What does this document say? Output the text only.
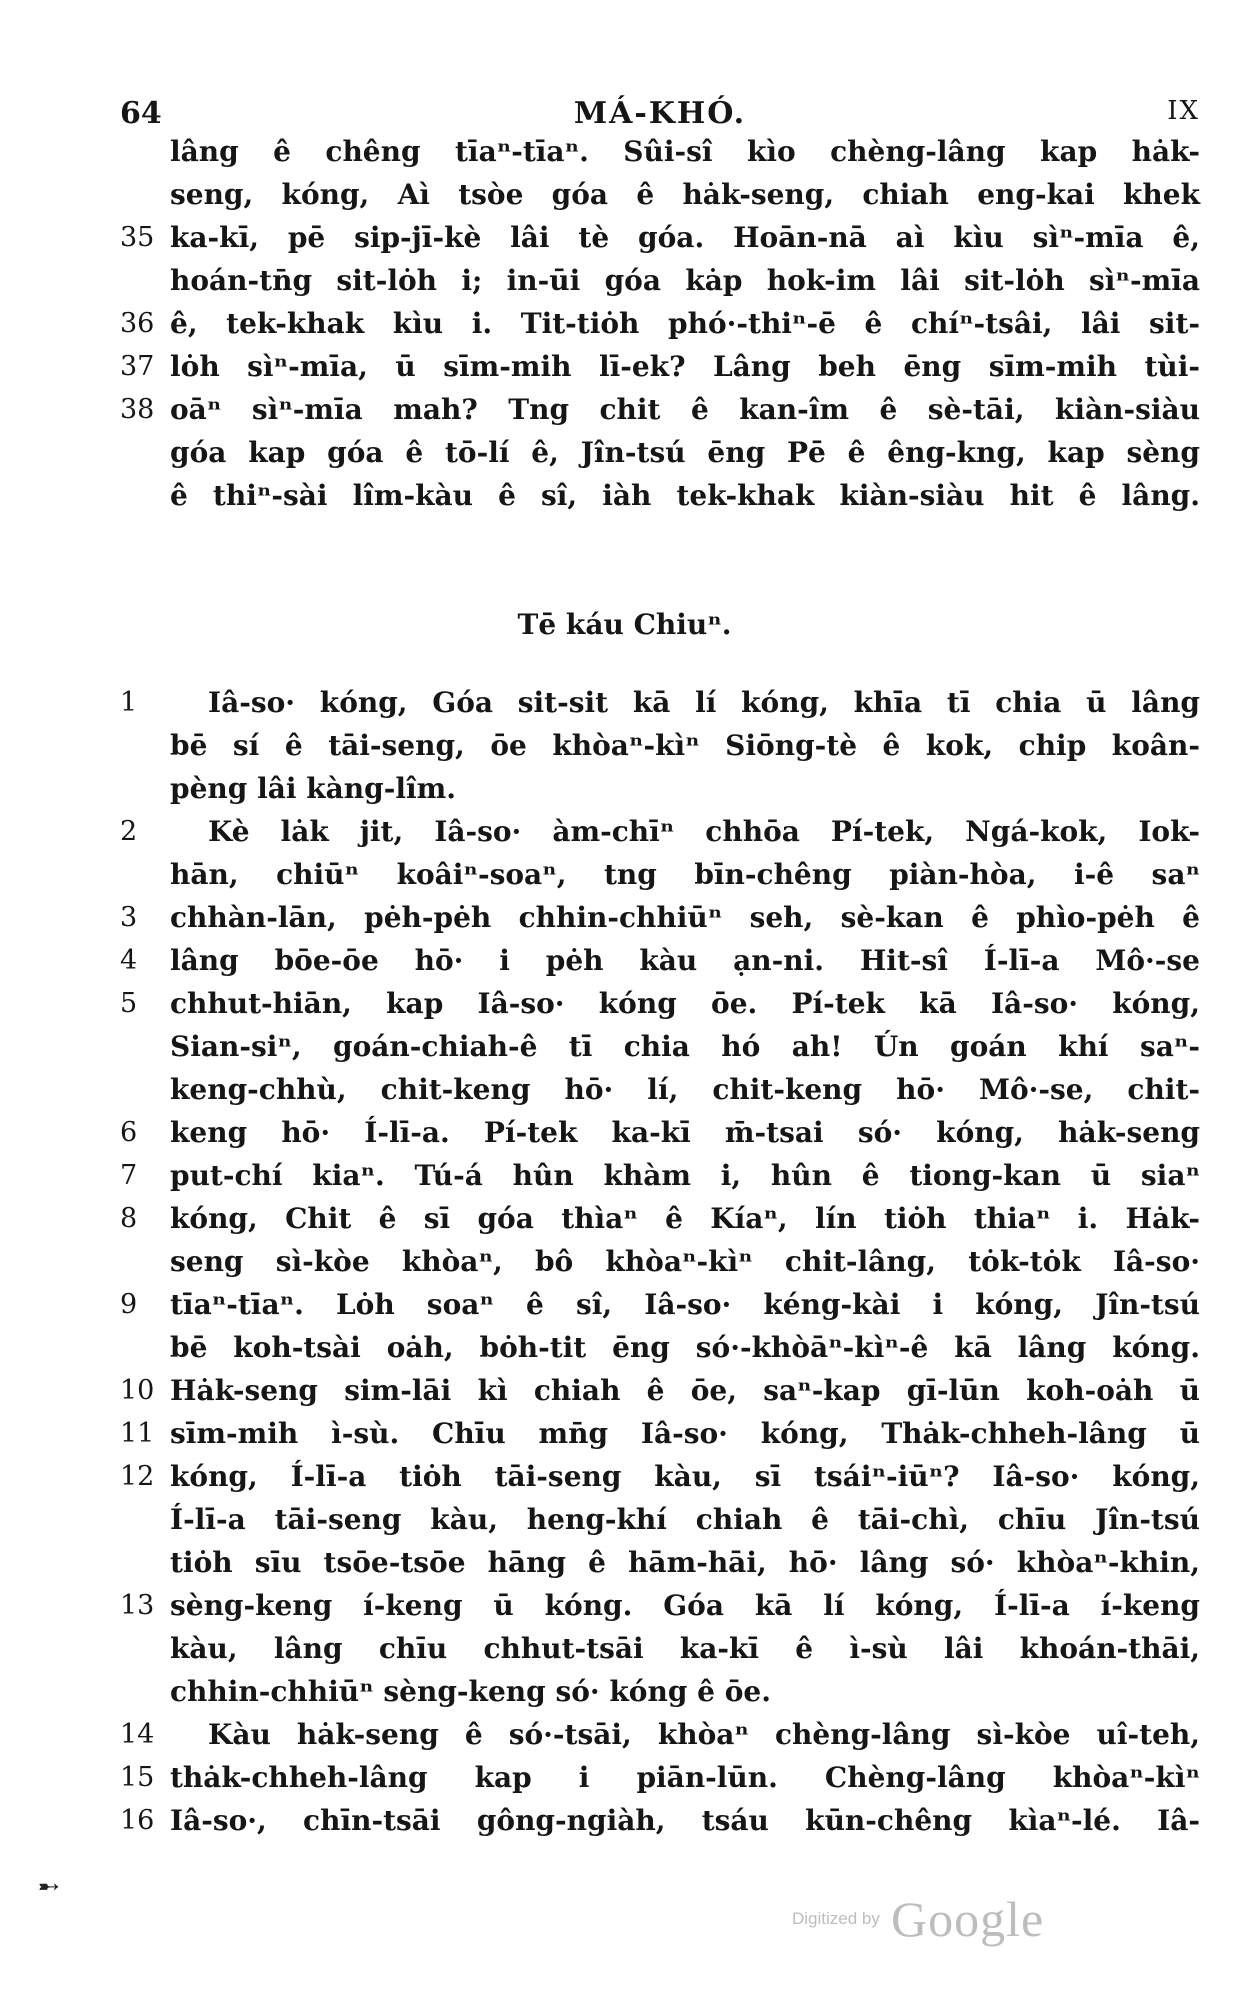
64	MÁ-KHÓ.	IX
lâng ê chêng tīaⁿ-tīaⁿ. Sûi-sî kìo chèng-lâng kap hȧk-
seng, kóng, Aì tsòe góa ê hȧk-seng, chiah eng-kai khek
35 ka-kī, pē sip-jī-kè lâi tè góa. Hoān-nā aì kìu sìⁿ-mīa ê,
hoán-tn̄g sit-lȯh i; in-ūi góa kȧp hok-im lâi sit-lȯh sìⁿ-mīa
36 ê, tek-khak kìu i. Tit-tiȯh phó·-thiⁿ-ē ê chíⁿ-tsâi, lâi sit-
37 lȯh sìⁿ-mīa, ū sīm-mih lī-ek? Lâng beh ēng sīm-mih tùi-
38 oāⁿ sìⁿ-mīa mah? Tng chit ê kan-îm ê sè-tāi, kiàn-siàu
góa kap góa ê tō-lí ê, Jîn-tsú ēng Pē ê êng-kng, kap sèng
ê thiⁿ-sài lîm-kàu ê sî, iàh tek-khak kiàn-siàu hit ê lâng.
Tē káu Chiuⁿ.
1	Iâ-so· kóng, Góa sit-sit kā lí kóng, khīa tī chia ū lâng
bē sí ê tāi-seng, ōe khòaⁿ-kìⁿ Siōng-tè ê kok, chip koân-
pèng lâi kàng-lîm.
2	Kè lȧk jit, Iâ-so· àm-chīⁿ chhōa Pí-tek, Ngá-kok, Iok-
hān, chiūⁿ koâiⁿ-soaⁿ, tng bīn-chêng piàn-hòa, i-ê saⁿ
3	chhàn-lān, pėh-pėh chhin-chhiūⁿ seh, sè-kan ê phìo-pėh ê
4	lâng bōe-ōe hō· i pėh kàu ạn-ni. Hit-sî Í-lī-a Mô·-se
5	chhut-hiān, kap Iâ-so· kóng ōe. Pí-tek kā Iâ-so· kóng,
Sian-siⁿ, goán-chiah-ê tī chia hó ah! Ún goán khí saⁿ-
keng-chhù, chit-keng hō· lí, chit-keng hō· Mô·-se, chit-
6	keng hō· Í-lī-a. Pí-tek ka-kī m̄-tsai só· kóng, hȧk-seng
7	put-chí kiaⁿ. Tú-á hûn khàm i, hûn ê tiong-kan ū siaⁿ
8	kóng, Chit ê sī góa thìaⁿ ê Kíaⁿ, lín tiȯh thiaⁿ i. Hȧk-
seng sì-kòe khòaⁿ, bô khòaⁿ-kìⁿ chit-lâng, tȯk-tȯk Iâ-so·
9	tīaⁿ-tīaⁿ. Lȯh soaⁿ ê sî, Iâ-so· kéng-kài i kóng, Jîn-tsú
bē koh-tsài oȧh, bȯh-tit ēng só·-khòāⁿ-kìⁿ-ê kā lâng kóng.
10 Hȧk-seng sim-lāi kì chiah ê ōe, saⁿ-kap gī-lūn koh-oȧh ū
11 sīm-mih ì-sù. Chīu mn̄g Iâ-so· kóng, Thȧk-chheh-lâng ū
12 kóng, Í-lī-a tiȯh tāi-seng kàu, sī tsáiⁿ-iūⁿ? Iâ-so· kóng,
Í-lī-a tāi-seng kàu, heng-khí chiah ê tāi-chì, chīu Jîn-tsú
tiȯh sīu tsōe-tsōe hāng ê hām-hāi, hō· lâng só· khòaⁿ-khin,
13 sèng-keng í-keng ū kóng. Góa kā lí kóng, Í-lī-a í-keng
kàu, lâng chīu chhut-tsāi ka-kī ê ì-sù lâi khoán-thāi,
chhin-chhiūⁿ sèng-keng só· kóng ê ōe.
14	Kàu hȧk-seng ê só·-tsāi, khòaⁿ chèng-lâng sì-kòe uî-teh,
15 thȧk-chheh-lâng kap i piān-lūn. Chèng-lâng khòaⁿ-kìⁿ
16 Iâ-so·, chīn-tsāi gông-ngiàh, tsáu kūn-chêng kìaⁿ-lé. Iâ-
➸
Digitized by Google
